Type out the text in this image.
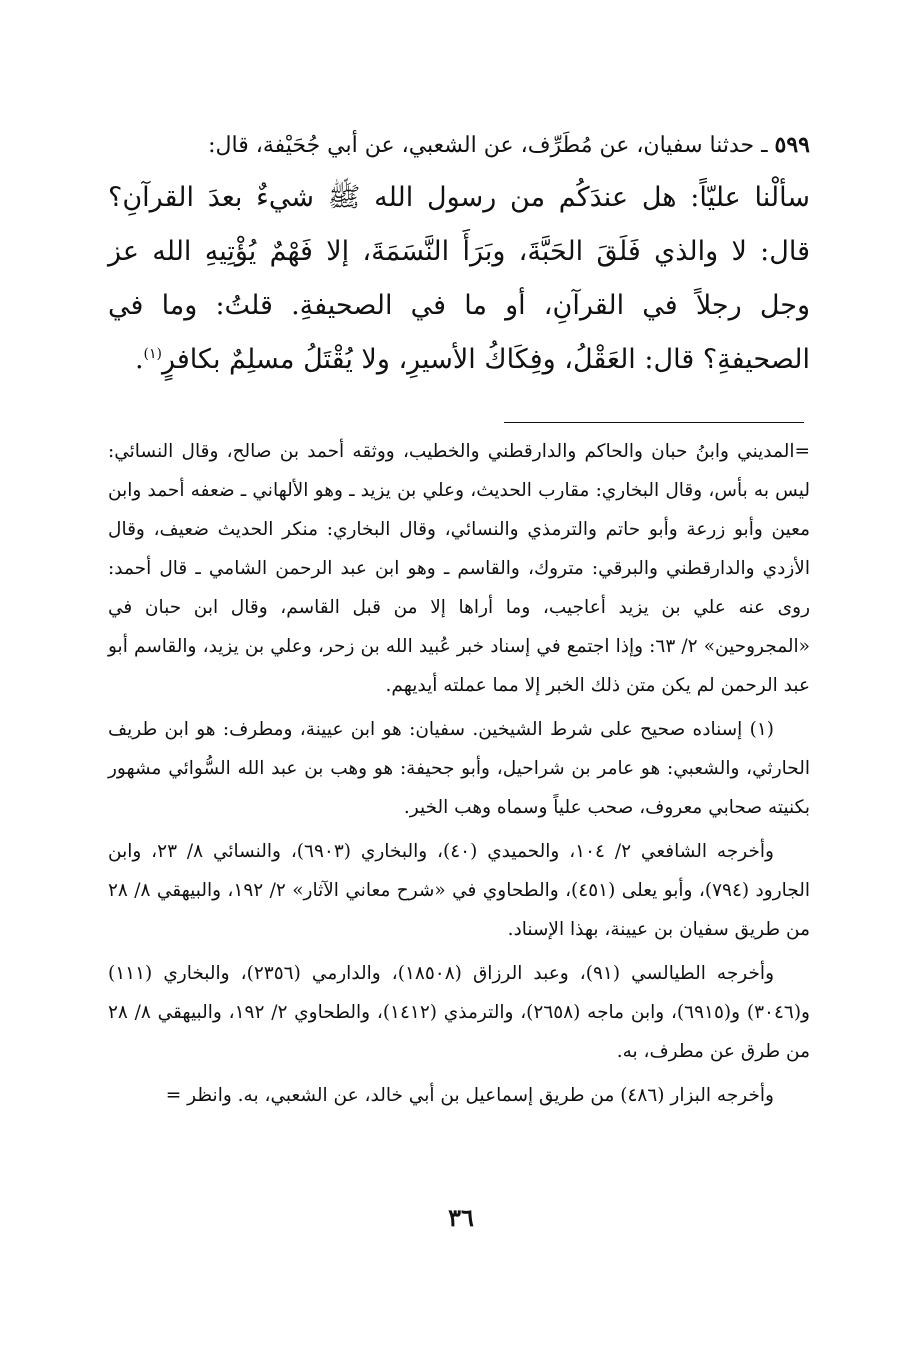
٥٩٩ ـ حدثنا سفيان، عن مُطَرِّف، عن الشعبي، عن أبي جُحَيْفة، قال:

سألْنا عليّاً: هل عندَكُم من رسول الله ﷺ شيءٌ بعدَ القرآنِ؟ قال: لا والذي فَلَقَ الحَبَّةَ، وبَرَأَ النَّسَمَةَ، إلا فَهْمٌ يُؤْتِيهِ الله عز وجل رجلاً في القرآنِ، أو ما في الصحيفةِ. قلتُ: وما في الصحيفةِ؟ قال: العَقْلُ، وفِكَاكُ الأسيرِ، ولا يُقْتَلُ مسلِمٌ بكافرٍ$^{(١)}$.

=المديني وابنُ حبان والحاكم والدارقطني والخطيب، ووثقه أحمد بن صالح، وقال النسائي: ليس به بأس، وقال البخاري: مقارب الحديث، وعلي بن يزيد ـ وهو الألهاني ـ ضعفه أحمد وابن معين وأبو زرعة وأبو حاتم والترمذي والنسائي، وقال البخاري: منكر الحديث ضعيف، وقال الأزدي والدارقطني والبرقي: متروك، والقاسم ـ وهو ابن عبد الرحمن الشامي ـ قال أحمد: روى عنه علي بن يزيد أعاجيب، وما أراها إلا من قبل القاسم، وقال ابن حبان في «المجروحين» ٢/ ٦٣: وإذا اجتمع في إسناد خبر عُبيد الله بن زحر، وعلي بن يزيد، والقاسم أبو عبد الرحمن لم يكن متن ذلك الخبر إلا مما عملته أيديهم.

(١) إسناده صحيح على شرط الشيخين. سفيان: هو ابن عيينة، ومطرف: هو ابن طريف الحارثي، والشعبي: هو عامر بن شراحيل، وأبو جحيفة: هو وهب بن عبد الله السُّوائي مشهور بكنيته صحابي معروف، صحب علياً وسماه وهب الخير.

وأخرجه الشافعي ٢/ ١٠٤، والحميدي (٤٠)، والبخاري (٦٩٠٣)، والنسائي ٨/ ٢٣، وابن الجارود (٧٩٤)، وأبو يعلى (٤٥١)، والطحاوي في «شرح معاني الآثار» ٢/ ١٩٢، والبيهقي ٨/ ٢٨ من طريق سفيان بن عيينة، بهذا الإسناد.

وأخرجه الطيالسي (٩١)، وعبد الرزاق (١٨٥٠٨)، والدارمي (٢٣٥٦)، والبخاري (١١١) و(٣٠٤٦) و(٦٩١٥)، وابن ماجه (٢٦٥٨)، والترمذي (١٤١٢)، والطحاوي ٢/ ١٩٢، والبيهقي ٨/ ٢٨ من طرق عن مطرف، به.

وأخرجه البزار (٤٨٦) من طريق إسماعيل بن أبي خالد، عن الشعبي، به. وانظر =

٣٦
